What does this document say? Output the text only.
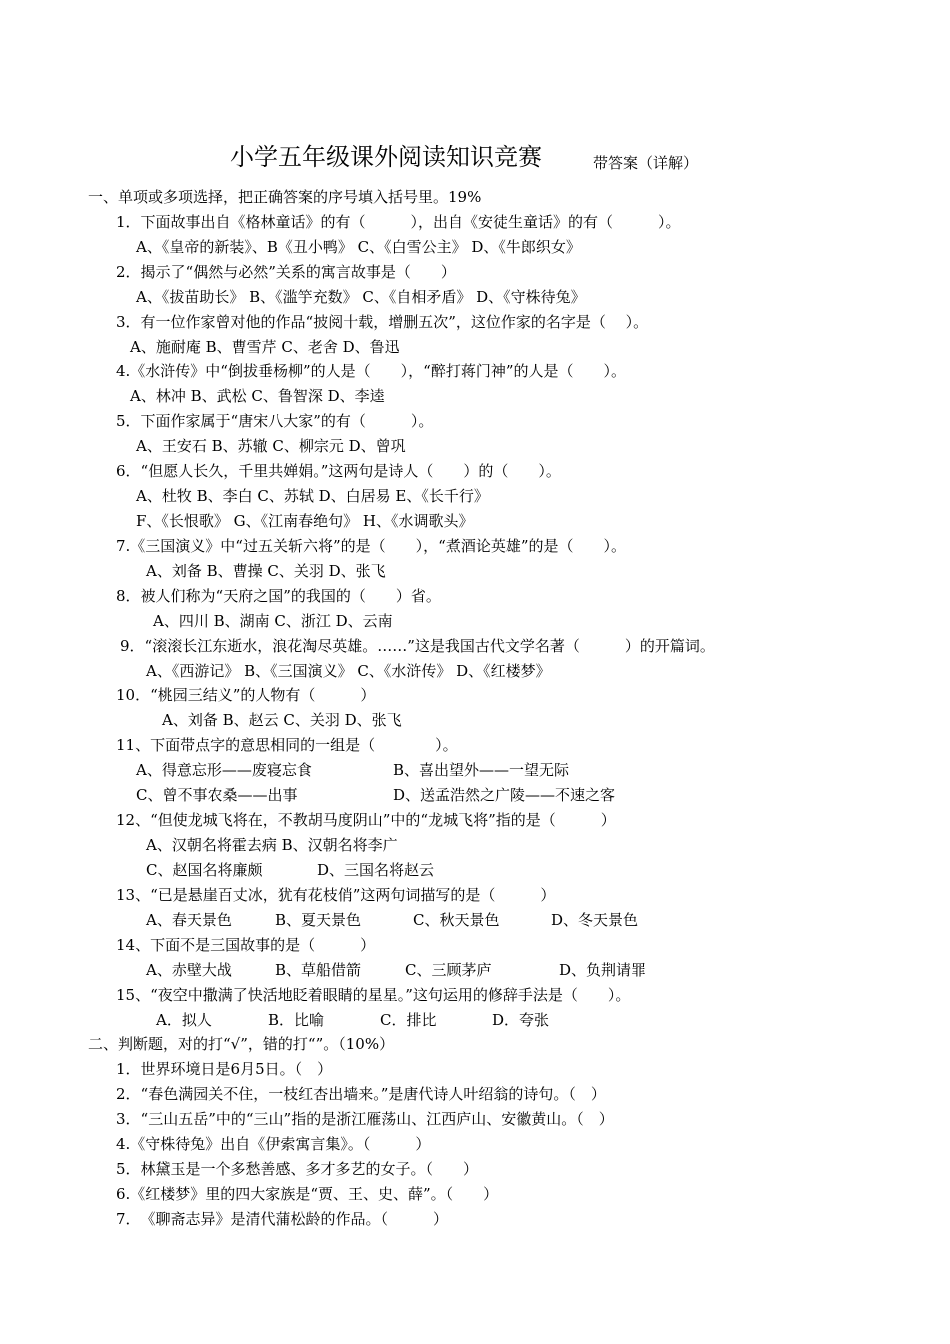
小学五年级课外阅读知识竞赛	带答案（详解）
一、单项或多项选择，把正确答案的序号填入括号里。19%
1．下面故事出自《格林童话》的有（　　　），出自《安徒生童话》的有（　　　）。
A、《皇帝的新装》、B《丑小鸭》 C、《白雪公主》 D、《牛郎织女》
2．揭示了“偶然与必然”关系的寓言故事是（　　）
A、《拔苗助长》 B、《滥竽充数》 C、《自相矛盾》 D、《守株待兔》
3．有一位作家曾对他的作品“披阅十载，增删五次”，这位作家的名字是（　 ）。
A、施耐庵 B、曹雪芹 C、老舍 D、鲁迅
4.《水浒传》中“倒拔垂杨柳”的人是（　　），“醉打蒋门神”的人是（　　）。
A、林冲 B、武松 C、鲁智深 D、李逵
5．下面作家属于“唐宋八大家”的有（　　　）。
A、王安石 B、苏辙 C、柳宗元 D、曾巩
6．“但愿人长久，千里共婵娟。”这两句是诗人（　　）的（　　）。
A、杜牧 B、李白 C、苏轼 D、白居易 E、《长千行》
F、《长恨歌》 G、《江南春绝句》 H、《水调歌头》
7.《三国演义》中“过五关斩六将”的是（　　），“煮酒论英雄”的是（　　）。
A、刘备 B、曹操 C、关羽 D、张飞
8．被人们称为“天府之国”的我国的（　　）省。
A、四川 B、湖南 C、浙江 D、云南
9．“滚滚长江东逝水，浪花淘尽英雄。……”这是我国古代文学名著（　　　）的开篇词。
A、《西游记》 B、《三国演义》 C、《水浒传》 D、《红楼梦》
10．“桃园三结义”的人物有（　　　）
A、刘备 B、赵云 C、关羽 D、张飞
11、下面带点字的意思相同的一组是（　　　　）。
A、得意忘形——废寝忘食	B、喜出望外——一望无际
C、曾不事农桑——出事	D、送孟浩然之广陵——不速之客
12、“但使龙城飞将在，不教胡马度阴山”中的“龙城飞将”指的是（　　　）
A、汉朝名将霍去病 B、汉朝名将李广
C、赵国名将廉颇	D、三国名将赵云
13、“已是悬崖百丈冰，犹有花枝俏”这两句词描写的是（　　　）
A、春天景色	B、夏天景色	C、秋天景色	D、冬天景色
14、下面不是三国故事的是（　　　）
A、赤壁大战	B、草船借箭	C、三顾茅庐	D、负荆请罪
15、“夜空中撒满了快活地眨着眼睛的星星。”这句运用的修辞手法是（　　）。
A．拟人	B．比喻	C．排比	D．夸张
二、判断题，对的打“√”，错的打“”。（10%）
1．世界环境日是6月5日。（　）
2．“春色满园关不住，一枝红杏出墙来。”是唐代诗人叶绍翁的诗句。（　）
3．“三山五岳”中的“三山”指的是浙江雁荡山、江西庐山、安徽黄山。（　）
4.《守株待兔》出自《伊索寓言集》。（　　　）
5．林黛玉是一个多愁善感、多才多艺的女子。（　　）
6.《红楼梦》里的四大家族是“贾、王、史、薛”。（　　）
7．　《聊斋志异》是清代蒲松龄的作品。（　　　）
